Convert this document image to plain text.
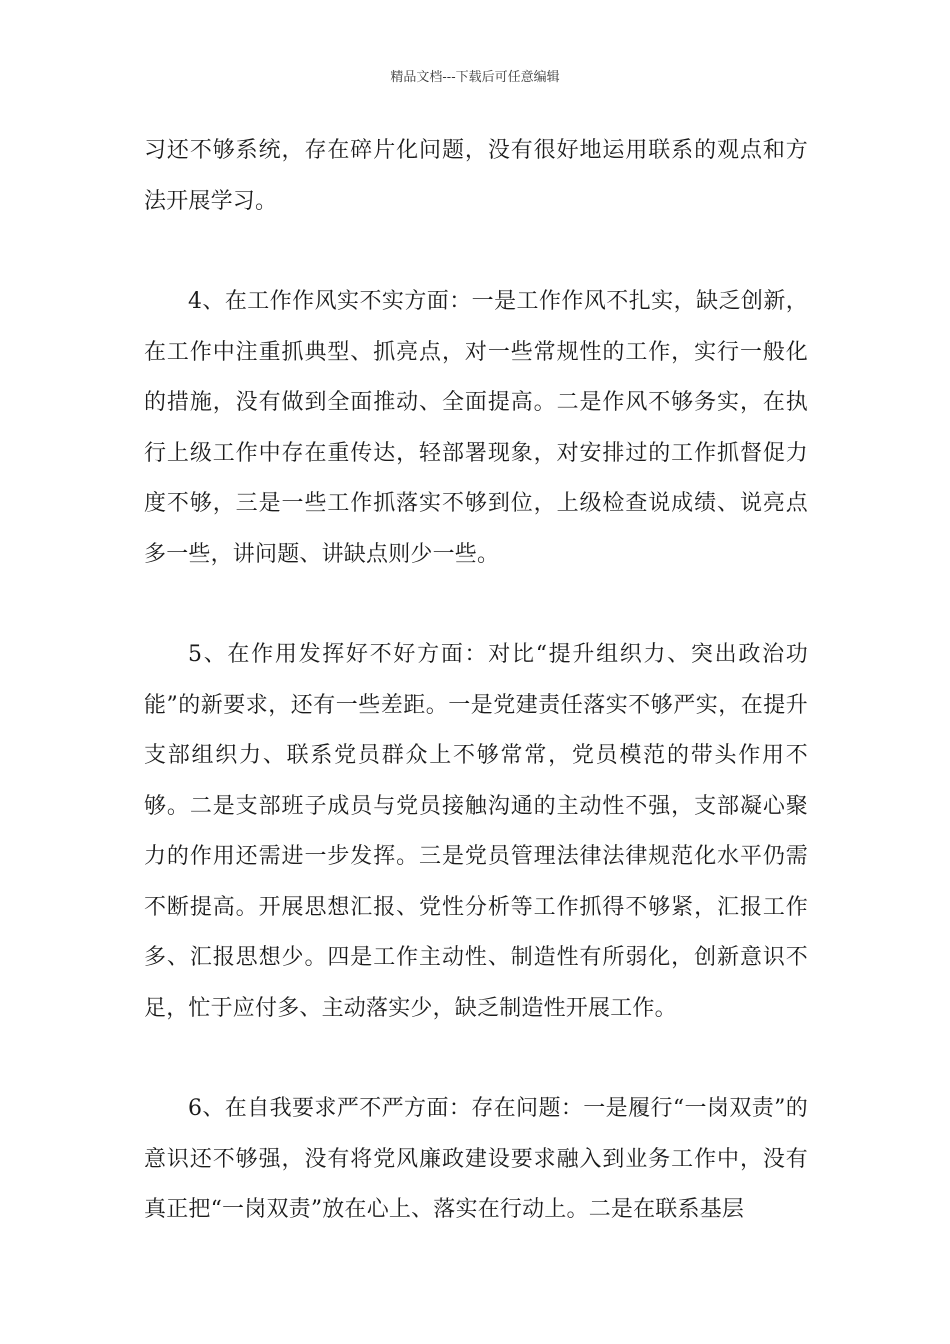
精品文档---下载后可任意编辑

习还不够系统，存在碎片化问题，没有很好地运用联系的观点和方法开展学习。

4、在工作作风实不实方面：一是工作作风不扎实，缺乏创新，在工作中注重抓典型、抓亮点，对一些常规性的工作，实行一般化的措施，没有做到全面推动、全面提高。二是作风不够务实，在执行上级工作中存在重传达，轻部署现象，对安排过的工作抓督促力度不够，三是一些工作抓落实不够到位，上级检查说成绩、说亮点多一些，讲问题、讲缺点则少一些。

5、在作用发挥好不好方面：对比“提升组织力、突出政治功能”的新要求，还有一些差距。一是党建责任落实不够严实，在提升支部组织力、联系党员群众上不够常常，党员模范的带头作用不够。二是支部班子成员与党员接触沟通的主动性不强，支部凝心聚力的作用还需进一步发挥。三是党员管理法律法律规范化水平仍需不断提高。开展思想汇报、党性分析等工作抓得不够紧，汇报工作多、汇报思想少。四是工作主动性、制造性有所弱化，创新意识不足，忙于应付多、主动落实少，缺乏制造性开展工作。

6、在自我要求严不严方面：存在问题：一是履行“一岗双责”的意识还不够强，没有将党风廉政建设要求融入到业务工作中，没有真正把“一岗双责”放在心上、落实在行动上。二是在联系基层
